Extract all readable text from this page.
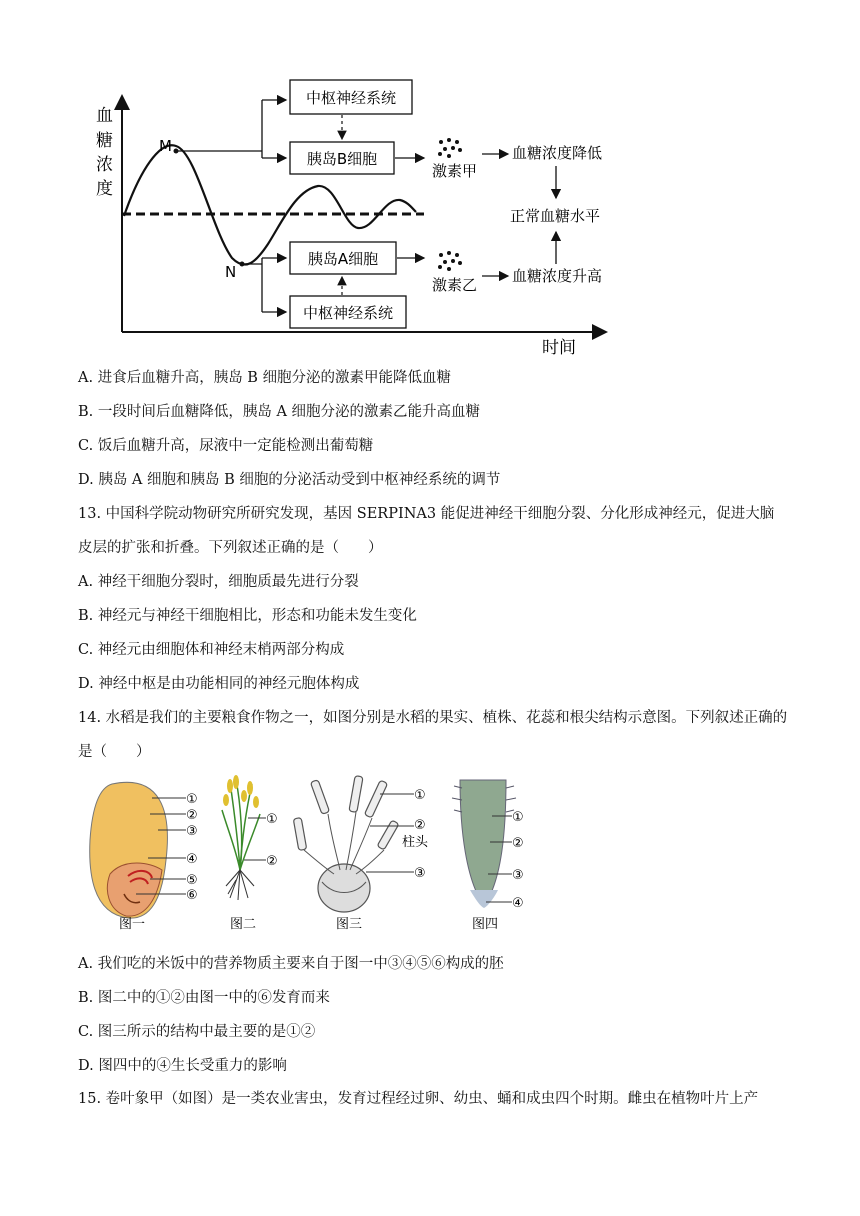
血
糖
浓
度
时间
M
N
中枢神经系统
胰岛B细胞
胰岛A细胞
中枢神经系统
激素甲
激素乙
血糖浓度降低
正常血糖水平
血糖浓度升高
A. 进食后血糖升高，胰岛 B 细胞分泌的激素甲能降低血糖
B. 一段时间后血糖降低，胰岛 A 细胞分泌的激素乙能升高血糖
C. 饭后血糖升高，尿液中一定能检测出葡萄糖
D. 胰岛 A 细胞和胰岛 B 细胞的分泌活动受到中枢神经系统的调节
13. 中国科学院动物研究所研究发现，基因 SERPINA3 能促进神经干细胞分裂、分化形成神经元，促进大脑皮层的扩张和折叠。下列叙述正确的是（　　）
A. 神经干细胞分裂时，细胞质最先进行分裂
B. 神经元与神经干细胞相比，形态和功能未发生变化
C. 神经元由细胞体和神经末梢两部分构成
D. 神经中枢是由功能相同的神经元胞体构成
14. 水稻是我们的主要粮食作物之一，如图分别是水稻的果实、植株、花蕊和根尖结构示意图。下列叙述正确的是（　　）
①
②
③
④
⑤
⑥
图一
①
②
图二
①
②
柱头
③
图三
①
②
③
④
图四
A. 我们吃的米饭中的营养物质主要来自于图一中③④⑤⑥构成的胚
B. 图二中的①②由图一中的⑥发育而来
C. 图三所示的结构中最主要的是①②
D. 图四中的④生长受重力的影响
15. 卷叶象甲（如图）是一类农业害虫，发育过程经过卵、幼虫、蛹和成虫四个时期。雌虫在植物叶片上产
